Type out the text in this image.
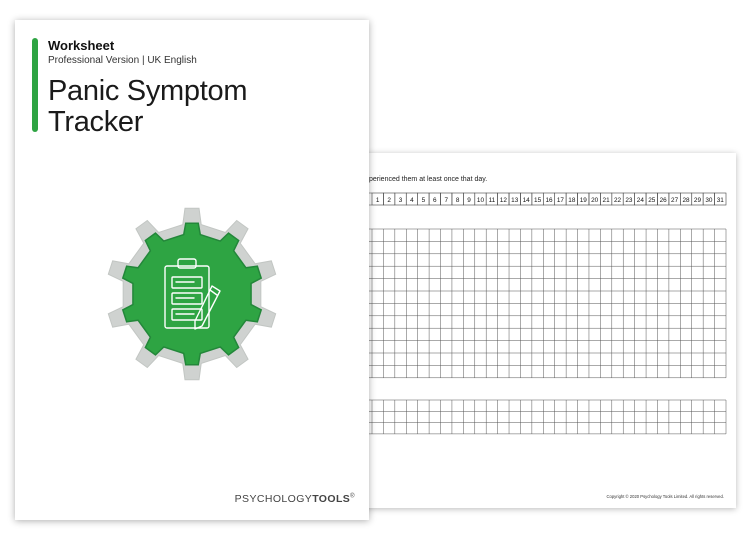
perienced them at least once that day.
1 2 3 4 5 6 7 8 9 10 11 12 13 14 15 16 17 18 19 20 21 22 23 24 25 26 27 28 29 30 31
Copyright © 2020 Psychology Tools Limited. All rights reserved.
Worksheet
Professional Version | UK English
Panic Symptom Tracker
PSYCHOLOGYTOOLS®
